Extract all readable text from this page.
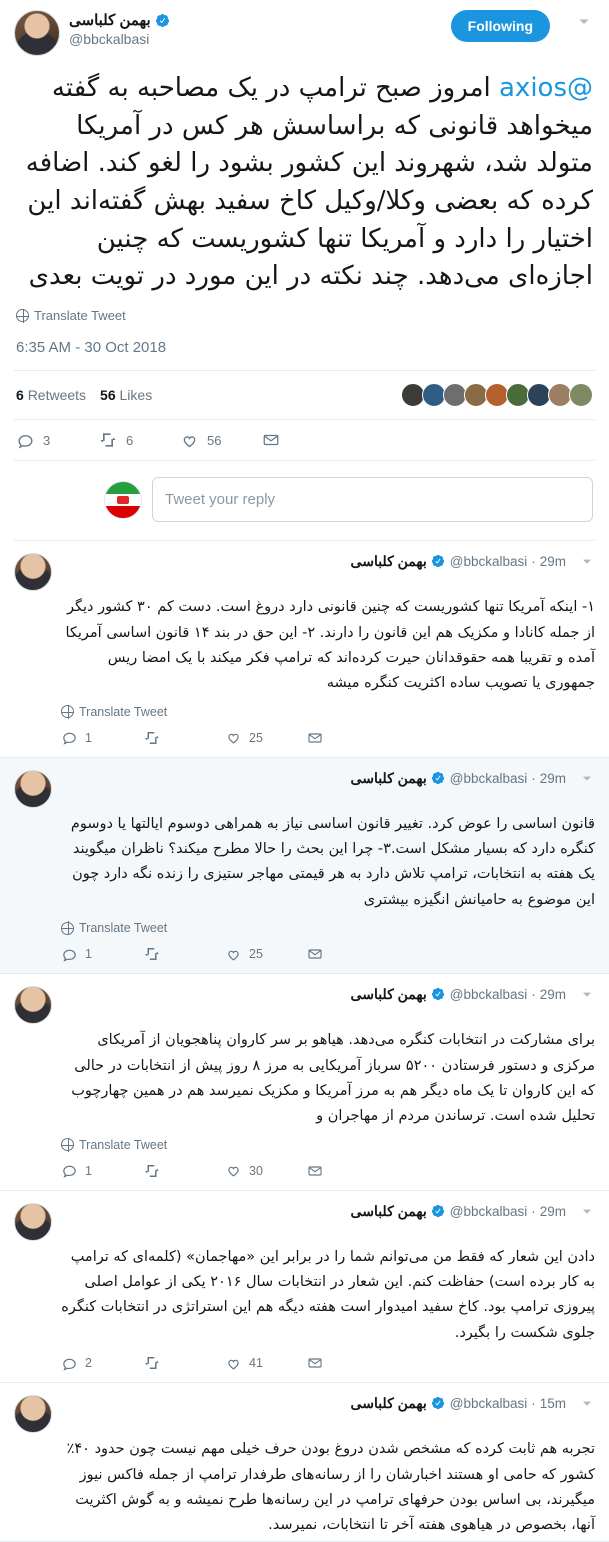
بهمن کلباسی
@bbckalbasi
Following
@axios امروز صبح ترامپ در یک مصاحبه به گفته میخواهد قانونی که براساسش هر کس در آمریکا متولد شد، شهروند این کشور بشود را لغو کند. اضافه کرده که بعضی وکلا/وکیل کاخ سفید بهش گفته‌اند این اختیار را دارد و آمریکا تنها کشوریست که چنین اجازه‌ای می‌دهد. چند نکته در این مورد در تویت بعدی
Translate Tweet
6:35 AM - 30 Oct 2018
6 Retweets 56 Likes
3	6	56
Tweet your reply
29m
·
@bbckalbasi
بهمن کلباسی
۱- اینکه آمریکا تنها کشوریست که چنین قانونی دارد دروغ است. دست کم ۳۰ کشور دیگر از جمله کانادا و مکزیک هم این قانون را دارند. ۲- این حق در بند ۱۴ قانون اساسی آمریکا آمده و تقریبا همه حقوقدانان حیرت کرده‌اند که ترامپ فکر میکند با یک امضا ریس جمهوری یا تصویب ساده اکثریت کنگره میشه
Translate Tweet
1	25
29m
·
@bbckalbasi
بهمن کلباسی
قانون اساسی را عوض کرد. تغییر قانون اساسی نیاز به همراهی دوسوم ایالتها یا دوسوم کنگره دارد که بسیار مشکل است.۳- چرا این بحث را حالا مطرح میکند؟ ناظران میگویند یک هفته به انتخابات، ترامپ تلاش دارد به هر قیمتی مهاجر ستیزی را زنده نگه دارد چون این موضوع به حامیانش انگیزه بیشتری
Translate Tweet
1	25
29m
·
@bbckalbasi
بهمن کلباسی
برای مشارکت در انتخابات کنگره می‌دهد. هیاهو بر سر کاروان پناهجویان از آمریکای مرکزی و دستور فرستادن ۵۲۰۰ سرباز آمریکایی به مرز ۸ روز پیش از انتخابات در حالی که این کاروان تا یک ماه دیگر هم به مرز آمریکا و مکزیک نمیرسد هم در همین چهارچوب تحلیل شده است. ترساندن مردم از مهاجران و
Translate Tweet
1	30
29m
·
@bbckalbasi
بهمن کلباسی
دادن این شعار که فقط من می‌توانم شما را در برابر این «مهاجمان» (کلمه‌ای که ترامپ به کار برده است) حفاظت کنم. این شعار در انتخابات سال ۲۰۱۶ یکی از عوامل اصلی پیروزی ترامپ بود. کاخ سفید امیدوار است هفته دیگه هم این استراتژی در انتخابات کنگره جلوی شکست را بگیرد.
2	41
15m
·
@bbckalbasi
بهمن کلباسی
تجربه هم ثابت کرده که مشخص شدن دروغ بودن حرف خیلی مهم نیست چون حدود ۴۰٪ کشور که حامی او هستند اخبارشان را از رسانه‌های طرفدار ترامپ از جمله فاکس نیوز میگیرند، بی اساس بودن حرفهای ترامپ در این رسانه‌ها طرح نمیشه و به گوش اکثریت آنها، بخصوص در هیاهوی هفته آخر تا انتخابات، نمیرسد.
